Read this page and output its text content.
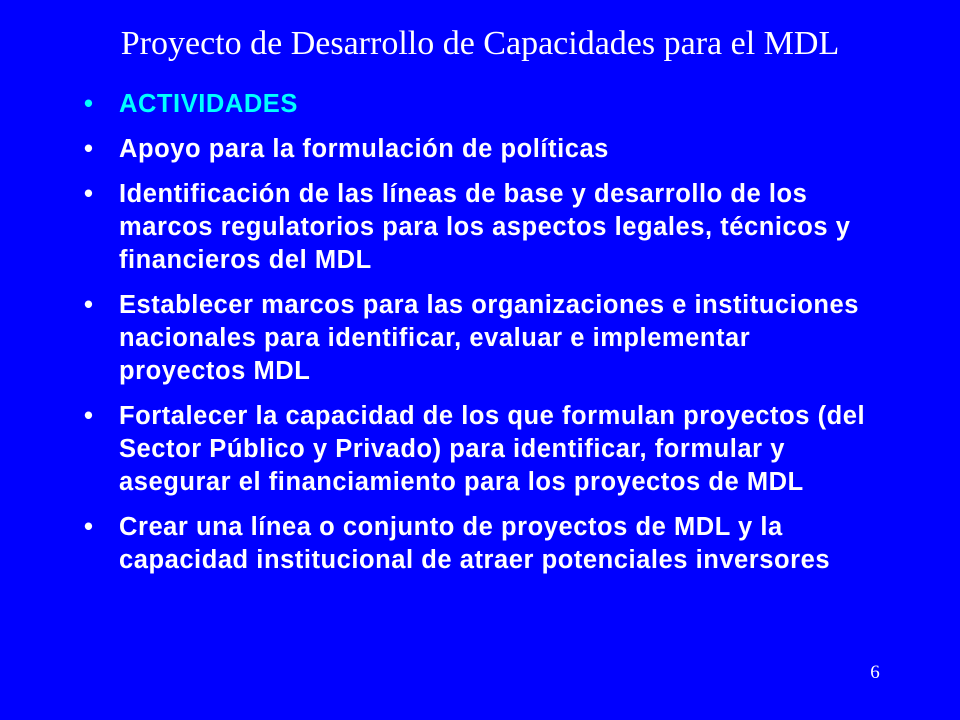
Proyecto de Desarrollo de Capacidades para el MDL
•	ACTIVIDADES
•	Apoyo para la formulación de políticas
•	Identificación de las líneas de base y desarrollo de los marcos regulatorios para los aspectos legales, técnicos y financieros del MDL
•	Establecer marcos para las organizaciones e instituciones nacionales para identificar, evaluar e implementar proyectos MDL
•	Fortalecer la capacidad de los que formulan proyectos (del Sector Público y Privado) para identificar, formular y asegurar el financiamiento para los proyectos de MDL
•	Crear una línea o conjunto de proyectos de MDL y la capacidad institucional de atraer potenciales inversores
6
